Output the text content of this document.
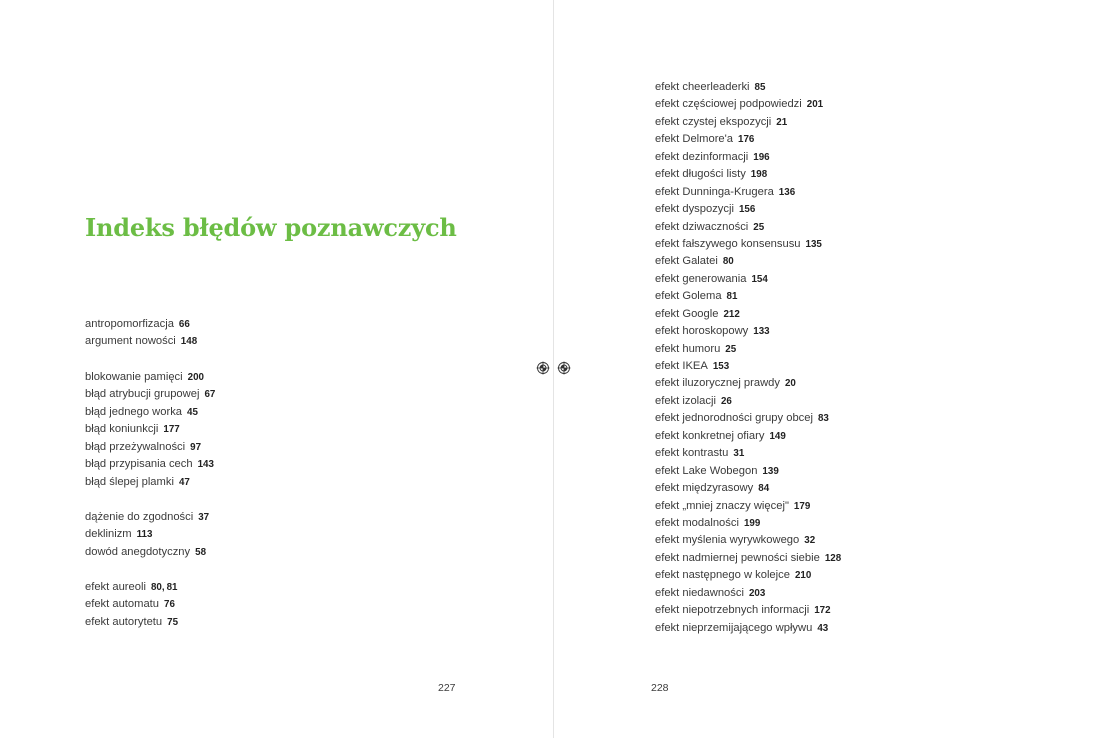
Indeks błędów poznawczych
antropomorfizacja 66
argument nowości 148
blokowanie pamięci 200
błąd atrybucji grupowej 67
błąd jednego worka 45
błąd koniunkcji 177
błąd przeżywalności 97
błąd przypisania cech 143
błąd ślepej plamki 47
dążenie do zgodności 37
deklinizm 113
dowód anegdotyczny 58
efekt aureoli 80, 81
efekt automatu 76
efekt autorytetu 75
227
efekt cheerleaderki 85
efekt częściowej podpowiedzi 201
efekt czystej ekspozycji 21
efekt Delmore'a 176
efekt dezinformacji 196
efekt długości listy 198
efekt Dunninga-Krugera 136
efekt dyspozycji 156
efekt dziwaczności 25
efekt fałszywego konsensusu 135
efekt Galatei 80
efekt generowania 154
efekt Golema 81
efekt Google 212
efekt horoskopowy 133
efekt humoru 25
efekt IKEA 153
efekt iluzorycznej prawdy 20
efekt izolacji 26
efekt jednorodności grupy obcej 83
efekt konkretnej ofiary 149
efekt kontrastu 31
efekt Lake Wobegon 139
efekt międzyrasowy 84
efekt „mniej znaczy więcej" 179
efekt modalności 199
efekt myślenia wyrywkowego 32
efekt nadmiernej pewności siebie 128
efekt następnego w kolejce 210
efekt niedawności 203
efekt niepotrzebnych informacji 172
efekt nieprzemijającego wpływu 43
228
